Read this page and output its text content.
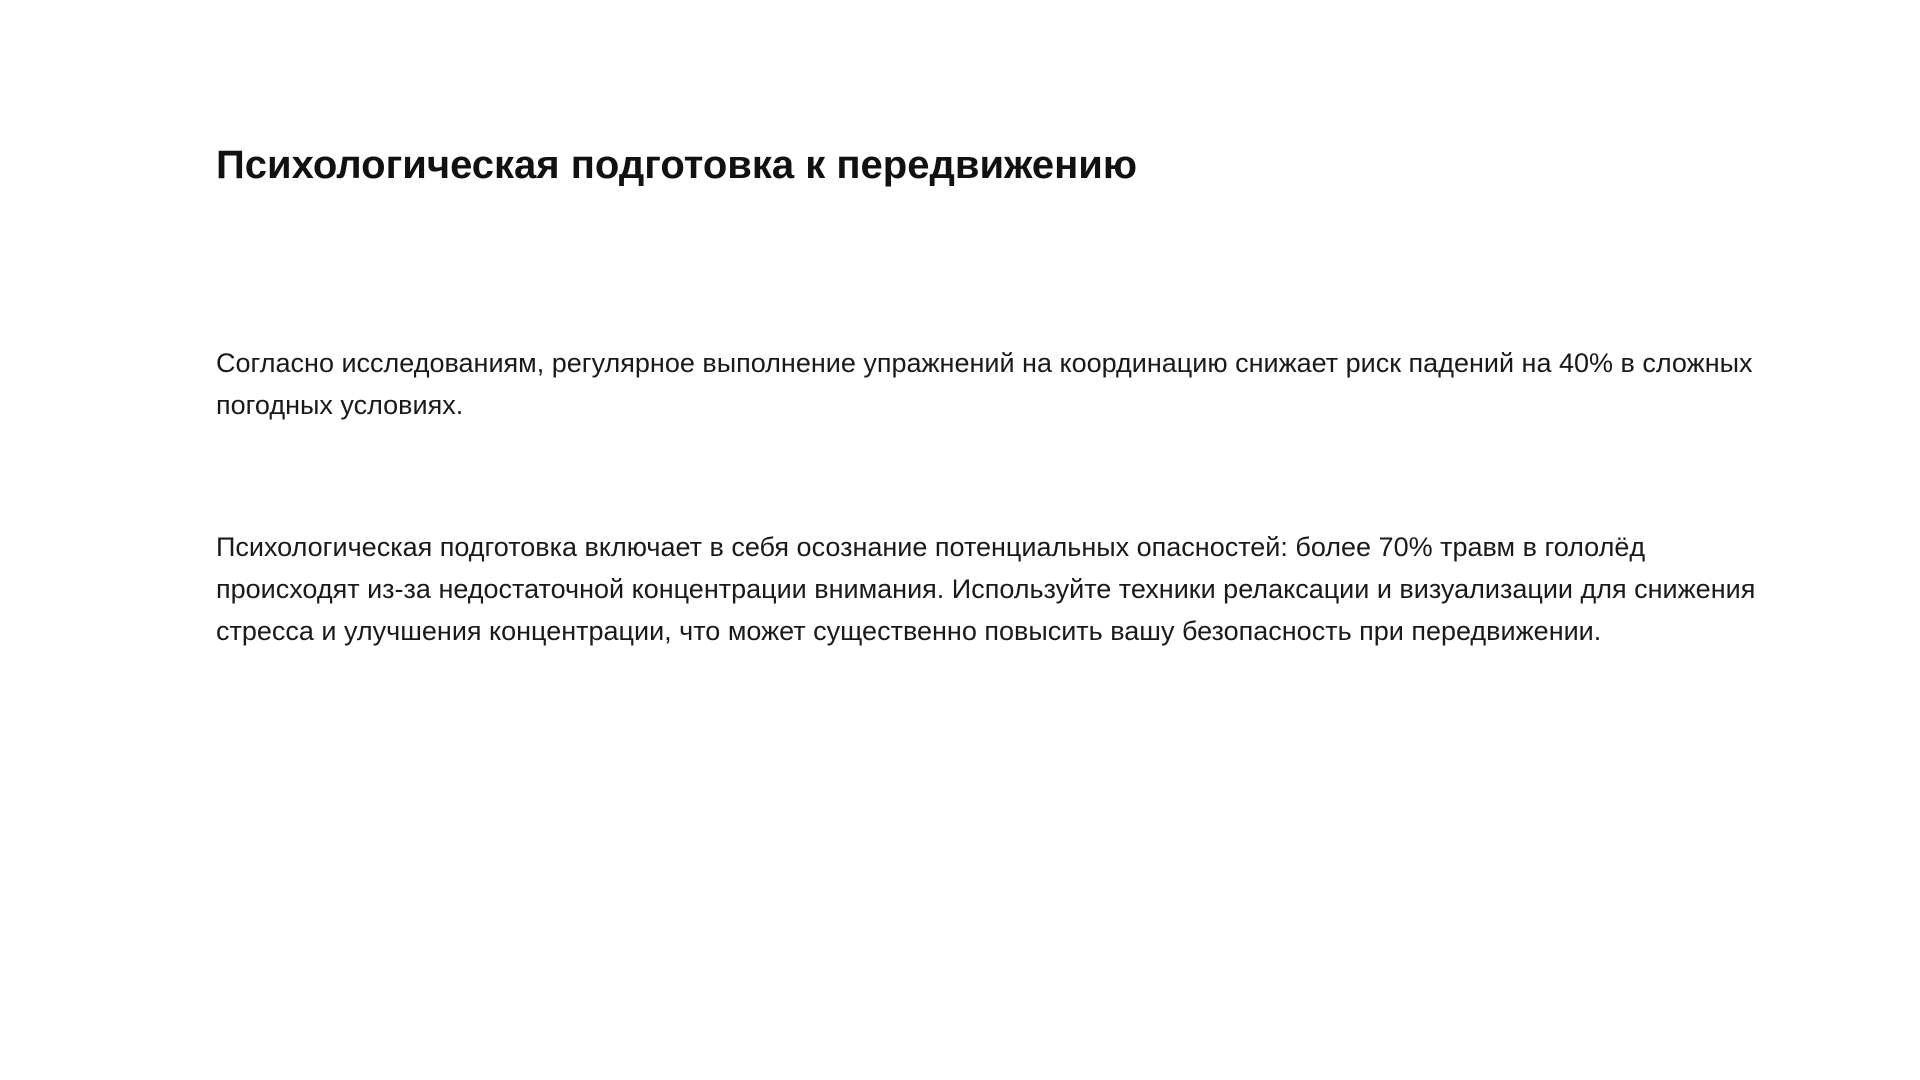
Психологическая подготовка к передвижению

Согласно исследованиям, регулярное выполнение упражнений на координацию снижает риск падений на 40% в сложных погодных условиях.

Психологическая подготовка включает в себя осознание потенциальных опасностей: более 70% травм в гололёд происходят из-за недостаточной концентрации внимания. Используйте техники релаксации и визуализации для снижения стресса и улучшения концентрации, что может существенно повысить вашу безопасность при передвижении.
